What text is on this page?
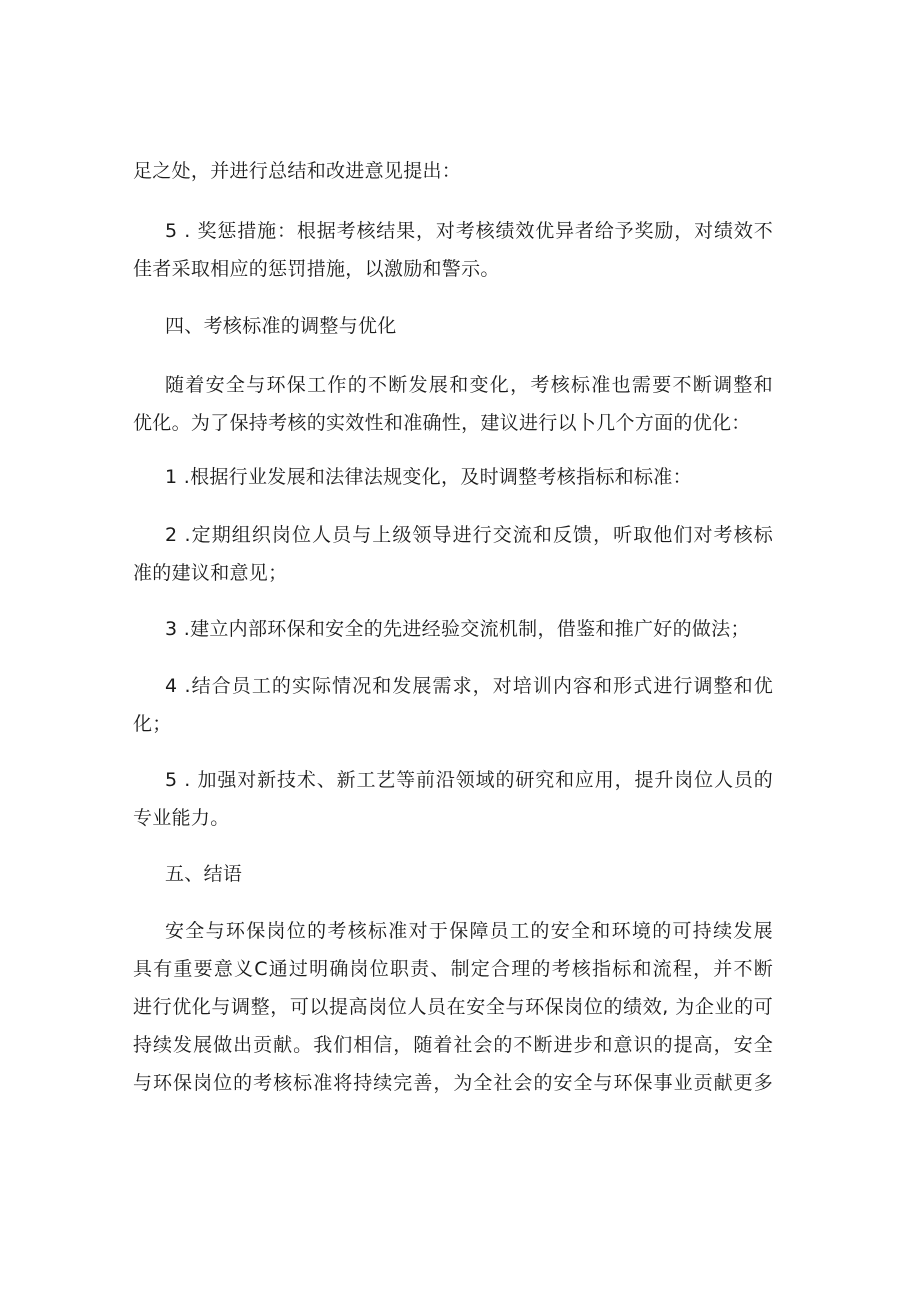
足之处，并进行总结和改进意见提出：

5 . 奖惩措施：根据考核结果，对考核绩效优异者给予奖励，对绩效不
佳者采取相应的惩罚措施，以激励和警示。

四、考核标准的调整与优化

随着安全与环保工作的不断发展和变化，考核标准也需要不断调整和
优化。为了保持考核的实效性和准确性，建议进行以卜几个方面的优化：

1 .根据行业发展和法律法规变化，及时调整考核指标和标准：

2 .定期组织岗位人员与上级领导进行交流和反馈，听取他们对考核标
准的建议和意见；

3 .建立内部环保和安全的先进经验交流机制，借鉴和推广好的做法；

4 .结合员工的实际情况和发展需求，对培训内容和形式进行调整和优
化；

5 . 加强对新技术、新工艺等前沿领域的研究和应用，提升岗位人员的
专业能力。

五、结语

安全与环保岗位的考核标准对于保障员工的安全和环境的可持续发展
具有重要意义C通过明确岗位职责、制定合理的考核指标和流程，并不断
进行优化与调整，可以提高岗位人员在安全与环保岗位的绩效, 为企业的可
持续发展做出贡献。我们相信，随着社会的不断进步和意识的提高，安全
与环保岗位的考核标准将持续完善，为全社会的安全与环保事业贡献更多
